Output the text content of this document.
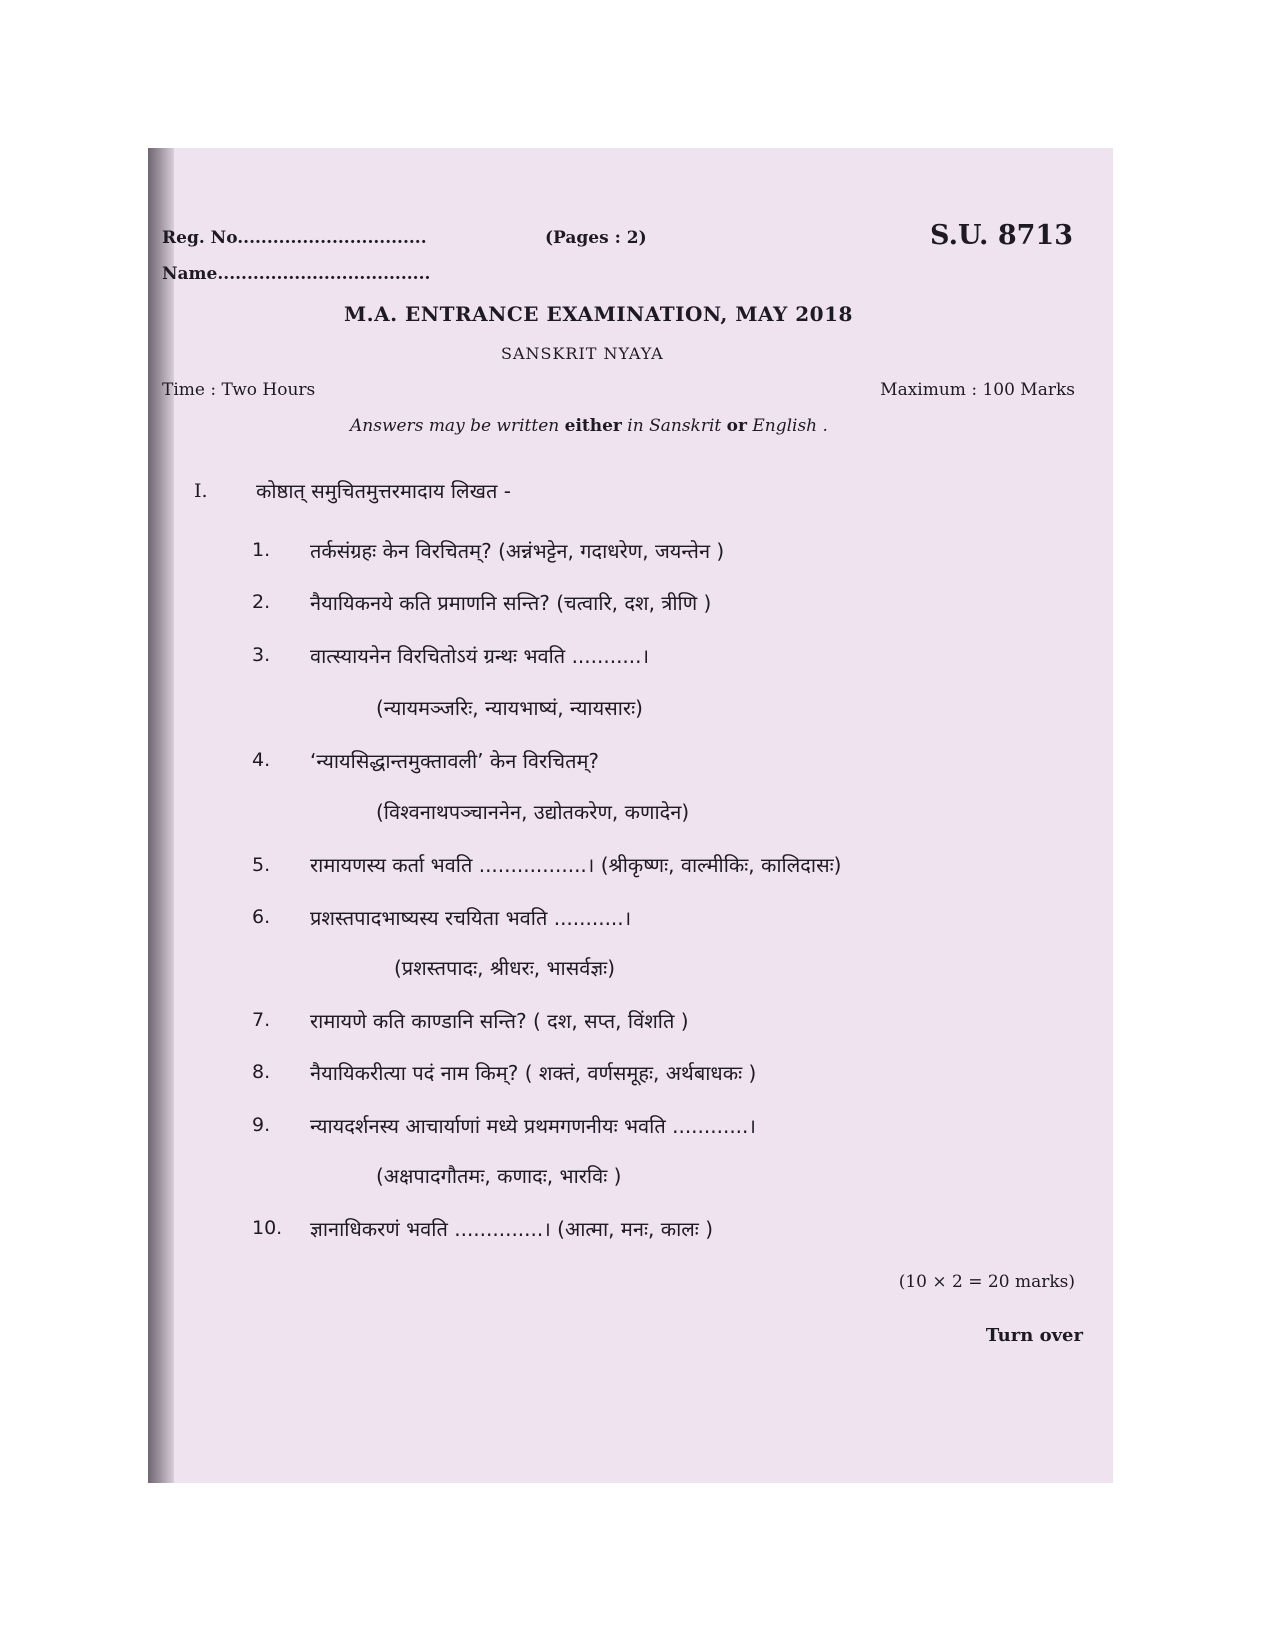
Reg. No................................
Name....................................
(Pages : 2)	S.U. 8713
M.A. ENTRANCE EXAMINATION, MAY 2018
SANSKRIT NYAYA
Time : Two Hours	Maximum : 100 Marks
Answers may be written either in Sanskrit or English .
I. कोष्ठात् समुचितमुत्तरमादाय लिखत -
1. तर्कसंग्रहः केन विरचितम्? (अन्नंभट्टेन, गदाधरेण, जयन्तेन )
2. नैयायिकनये कति प्रमाणनि सन्ति? (चत्वारि, दश, त्रीणि )
3. वात्स्यायनेन विरचितोऽयं ग्रन्थः भवति ...........।
(न्यायमञ्जरिः, न्यायभाष्यं, न्यायसारः)
4. ‘न्यायसिद्धान्तमुक्तावली’ केन विरचितम्?
(विश्वनाथपञ्चाननेन, उद्योतकरेण, कणादेन)
5. रामायणस्य कर्ता भवति .................। (श्रीकृष्णः, वाल्मीकिः, कालिदासः)
6. प्रशस्तपादभाष्यस्य रचयिता भवति ...........।
(प्रशस्तपादः, श्रीधरः, भासर्वज्ञः)
7. रामायणे कति काण्डानि सन्ति? ( दश, सप्त, विंशति )
8. नैयायिकरीत्या पदं नाम किम्? ( शक्तं, वर्णसमूहः, अर्थबाधकः )
9. न्यायदर्शनस्य आचार्याणां मध्ये प्रथमगणनीयः भवति ............।
(अक्षपादगौतमः, कणादः, भारविः )
10. ज्ञानाधिकरणं भवति ..............। (आत्मा, मनः, कालः )
(10 × 2 = 20 marks)
Turn over
